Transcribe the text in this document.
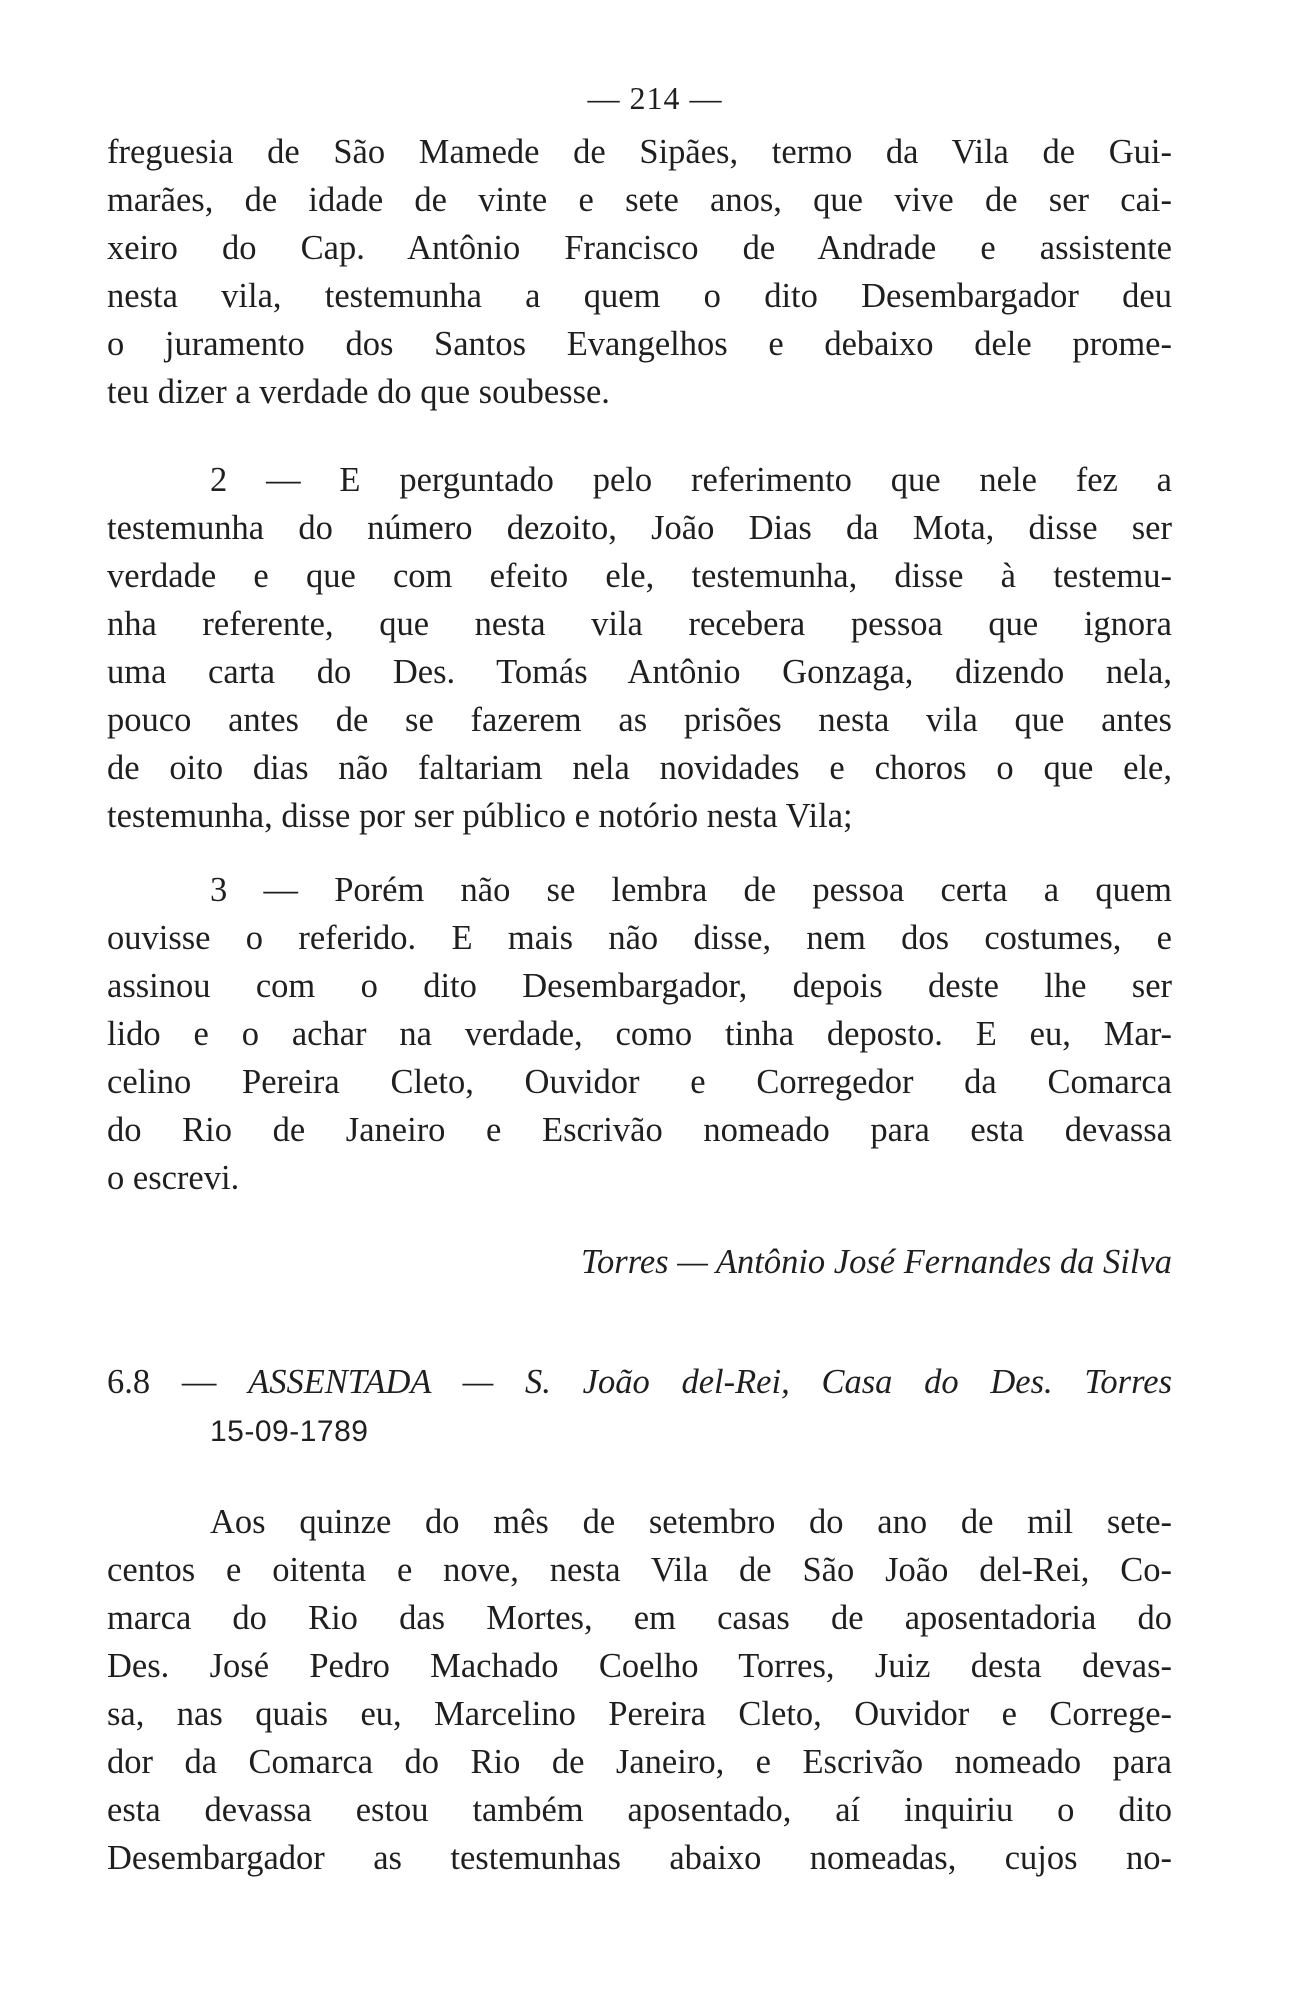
— 214 —
freguesia de São Mamede de Sipães, termo da Vila de Gui-
marães, de idade de vinte e sete anos, que vive de ser cai-
xeiro do Cap. Antônio Francisco de Andrade e assistente
nesta vila, testemunha a quem o dito Desembargador deu
o juramento dos Santos Evangelhos e debaixo dele prome-
teu dizer a verdade do que soubesse.
2 — E perguntado pelo referimento que nele fez a
testemunha do número dezoito, João Dias da Mota, disse ser
verdade e que com efeito ele, testemunha, disse à testemu-
nha referente, que nesta vila recebera pessoa que ignora
uma carta do Des. Tomás Antônio Gonzaga, dizendo nela,
pouco antes de se fazerem as prisões nesta vila que antes
de oito dias não faltariam nela novidades e choros o que ele,
testemunha, disse por ser público e notório nesta Vila;
3 — Porém não se lembra de pessoa certa a quem
ouvisse o referido. E mais não disse, nem dos costumes, e
assinou com o dito Desembargador, depois deste lhe ser
lido e o achar na verdade, como tinha deposto. E eu, Mar-
celino Pereira Cleto, Ouvidor e Corregedor da Comarca
do Rio de Janeiro e Escrivão nomeado para esta devassa
o escrevi.
Torres — Antônio José Fernandes da Silva
6.8 — ASSENTADA — S. João del-Rei, Casa do Des. Torres
15-09-1789
Aos quinze do mês de setembro do ano de mil sete-
centos e oitenta e nove, nesta Vila de São João del-Rei, Co-
marca do Rio das Mortes, em casas de aposentadoria do
Des. José Pedro Machado Coelho Torres, Juiz desta devas-
sa, nas quais eu, Marcelino Pereira Cleto, Ouvidor e Correge-
dor da Comarca do Rio de Janeiro, e Escrivão nomeado para
esta devassa estou também aposentado, aí inquiriu o dito
Desembargador as testemunhas abaixo nomeadas, cujos no-
